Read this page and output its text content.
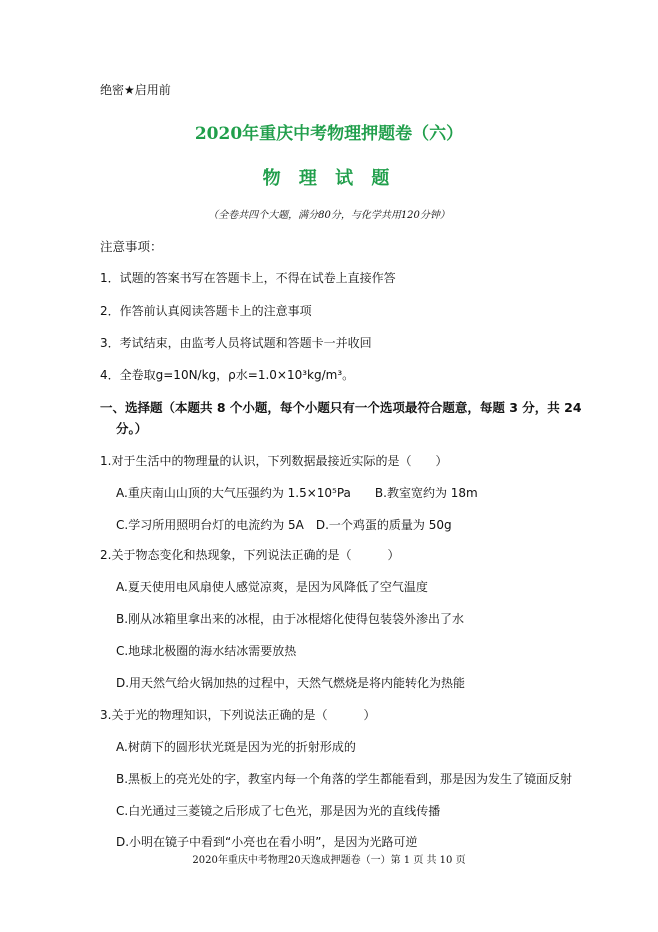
绝密★启用前
2020年重庆中考物理押题卷（六）
物 理 试 题
（全卷共四个大题，满分80分，与化学共用120分钟）
注意事项：
1．试题的答案书写在答题卡上，不得在试卷上直接作答
2．作答前认真阅读答题卡上的注意事项
3．考试结束，由监考人员将试题和答题卡一并收回
4．全卷取g=10N/kg，ρ水=1.0×10³kg/m³。
一、选择题（本题共 8 个小题，每个小题只有一个选项最符合题意，每题 3 分，共 24
分。）
1.对于生活中的物理量的认识，下列数据最接近实际的是（　　）
A.重庆南山山顶的大气压强约为 1.5×10⁵Pa　　B.教室宽约为 18m
C.学习所用照明台灯的电流约为 5A　D.一个鸡蛋的质量为 50g
2.关于物态变化和热现象，下列说法正确的是（　　　）
A.夏天使用电风扇使人感觉凉爽，是因为风降低了空气温度
B.刚从冰箱里拿出来的冰棍，由于冰棍熔化使得包装袋外渗出了水
C.地球北极圈的海水结冰需要放热
D.用天然气给火锅加热的过程中，天然气燃烧是将内能转化为热能
3.关于光的物理知识，下列说法正确的是（　　　）
A.树荫下的圆形状光斑是因为光的折射形成的
B.黑板上的亮光处的字，教室内每一个角落的学生都能看到，那是因为发生了镜面反射
C.白光通过三菱镜之后形成了七色光，那是因为光的直线传播
D.小明在镜子中看到“小亮也在看小明”，是因为光路可逆
2020年重庆中考物理20天逸成押题卷（一）第 1 页 共 10 页
